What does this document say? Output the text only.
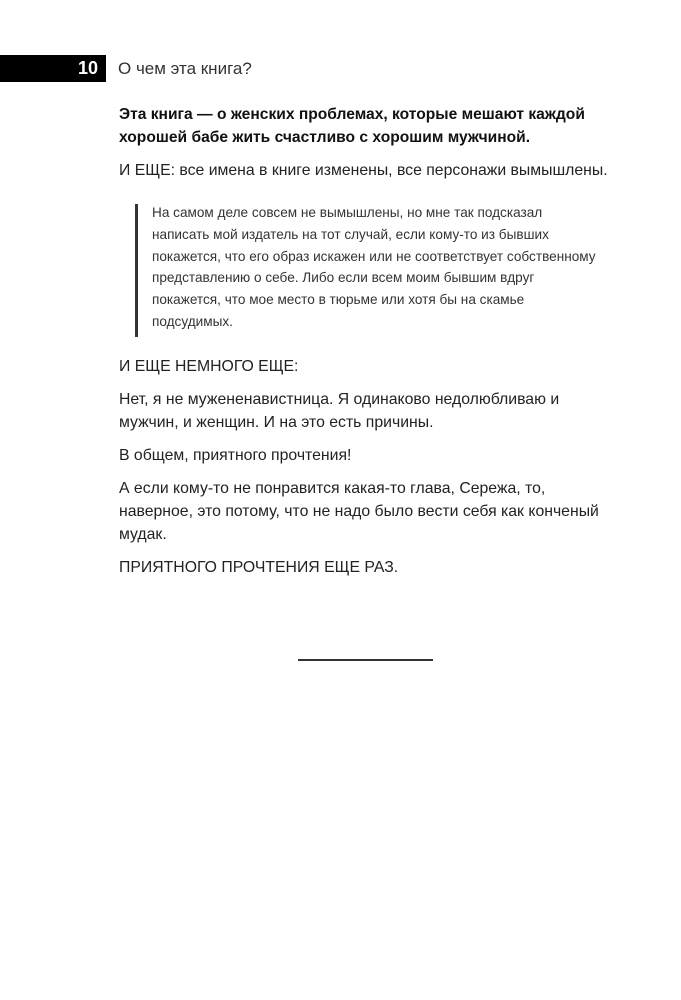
10	О чем эта книга?

Эта книга — о женских проблемах, которые мешают каждой хорошей бабе жить счастливо с хорошим мужчиной.

И ЕЩЕ: все имена в книге изменены, все персонажи вымышлены.

На самом деле совсем не вымышлены, но мне так подсказал написать мой издатель на тот случай, если кому-то из бывших покажется, что его образ искажен или не соответствует собственному представлению о себе. Либо если всем моим бывшим вдруг покажется, что мое место в тюрьме или хотя бы на скамье подсудимых.

И ЕЩЕ НЕМНОГО ЕЩЕ:

Нет, я не мужененавистница. Я одинаково недолюбливаю и мужчин, и женщин. И на это есть причины.

В общем, приятного прочтения!

А если кому-то не понравится какая-то глава, Сережа, то, наверное, это потому, что не надо было вести себя как конченый мудак.

ПРИЯТНОГО ПРОЧТЕНИЯ ЕЩЕ РАЗ.
